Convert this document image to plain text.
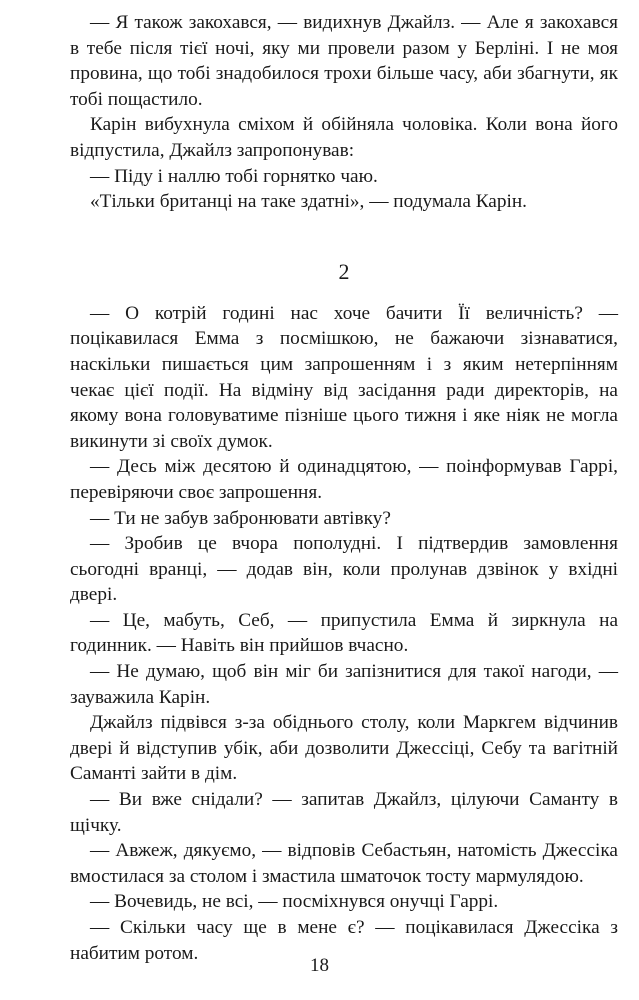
— Я також закохався, — видихнув Джайлз. — Але я закохався в тебе після тієї ночі, яку ми провели разом у Берліні. І не моя провина, що тобі знадобилося трохи більше часу, аби збагнути, як тобі пощастило.

Карін вибухнула сміхом й обійняла чоловіка. Коли вона його відпустила, Джайлз запропонував:

— Піду і наллю тобі горнятко чаю.

«Тільки британці на таке здатні», — подумала Карін.

2

— О котрій годині нас хоче бачити Її величність? — поцікавилася Емма з посмішкою, не бажаючи зізнаватися, наскільки пишається цим запрошенням і з яким нетерпінням чекає цієї події. На відміну від засідання ради директорів, на якому вона головуватиме пізніше цього тижня і яке ніяк не могла викинути зі своїх думок.

— Десь між десятою й одинадцятою, — поінформував Гаррі, перевіряючи своє запрошення.

— Ти не забув забронювати автівку?

— Зробив це вчора пополудні. І підтвердив замовлення сьогодні вранці, — додав він, коли пролунав дзвінок у вхідні двері.

— Це, мабуть, Себ, — припустила Емма й зиркнула на годинник. — Навіть він прийшов вчасно.

— Не думаю, щоб він міг би запізнитися для такої нагоди, — зауважила Карін.

Джайлз підвівся з-за обіднього столу, коли Маркгем відчинив двері й відступив убік, аби дозволити Джессіці, Себу та вагітній Саманті зайти в дім.

— Ви вже снідали? — запитав Джайлз, цілуючи Саманту в щічку.

— Авжеж, дякуємо, — відповів Себастьян, натомість Джессіка вмостилася за столом і змастила шматочок тосту мармулядою.

— Вочевидь, не всі, — посміхнувся онучці Гаррі.

— Скільки часу ще в мене є? — поцікавилася Джессіка з набитим ротом.

18
